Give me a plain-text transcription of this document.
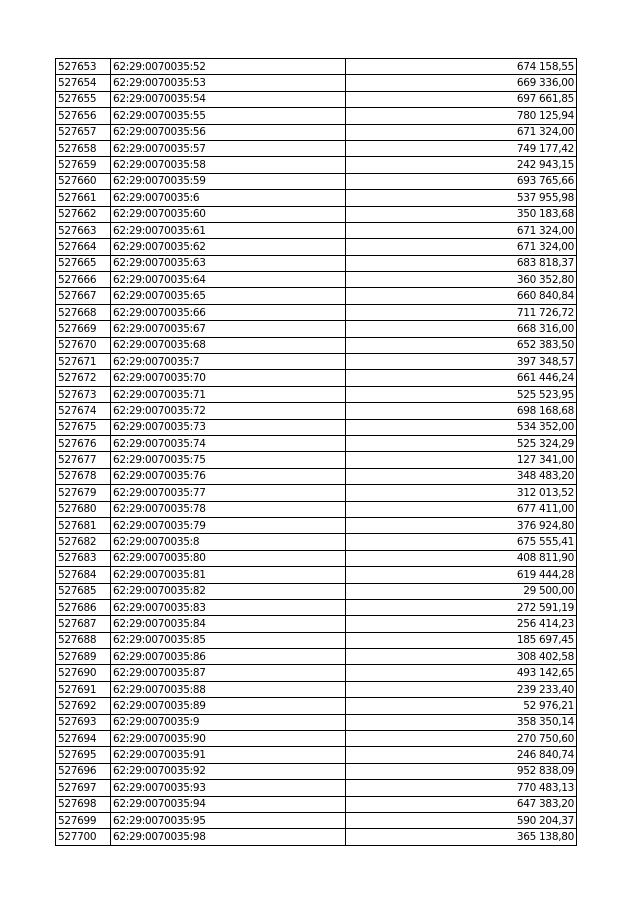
527653	62:29:0070035:52	674 158,55
527654	62:29:0070035:53	669 336,00
527655	62:29:0070035:54	697 661,85
527656	62:29:0070035:55	780 125,94
527657	62:29:0070035:56	671 324,00
527658	62:29:0070035:57	749 177,42
527659	62:29:0070035:58	242 943,15
527660	62:29:0070035:59	693 765,66
527661	62:29:0070035:6	537 955,98
527662	62:29:0070035:60	350 183,68
527663	62:29:0070035:61	671 324,00
527664	62:29:0070035:62	671 324,00
527665	62:29:0070035:63	683 818,37
527666	62:29:0070035:64	360 352,80
527667	62:29:0070035:65	660 840,84
527668	62:29:0070035:66	711 726,72
527669	62:29:0070035:67	668 316,00
527670	62:29:0070035:68	652 383,50
527671	62:29:0070035:7	397 348,57
527672	62:29:0070035:70	661 446,24
527673	62:29:0070035:71	525 523,95
527674	62:29:0070035:72	698 168,68
527675	62:29:0070035:73	534 352,00
527676	62:29:0070035:74	525 324,29
527677	62:29:0070035:75	127 341,00
527678	62:29:0070035:76	348 483,20
527679	62:29:0070035:77	312 013,52
527680	62:29:0070035:78	677 411,00
527681	62:29:0070035:79	376 924,80
527682	62:29:0070035:8	675 555,41
527683	62:29:0070035:80	408 811,90
527684	62:29:0070035:81	619 444,28
527685	62:29:0070035:82	29 500,00
527686	62:29:0070035:83	272 591,19
527687	62:29:0070035:84	256 414,23
527688	62:29:0070035:85	185 697,45
527689	62:29:0070035:86	308 402,58
527690	62:29:0070035:87	493 142,65
527691	62:29:0070035:88	239 233,40
527692	62:29:0070035:89	52 976,21
527693	62:29:0070035:9	358 350,14
527694	62:29:0070035:90	270 750,60
527695	62:29:0070035:91	246 840,74
527696	62:29:0070035:92	952 838,09
527697	62:29:0070035:93	770 483,13
527698	62:29:0070035:94	647 383,20
527699	62:29:0070035:95	590 204,37
527700	62:29:0070035:98	365 138,80
